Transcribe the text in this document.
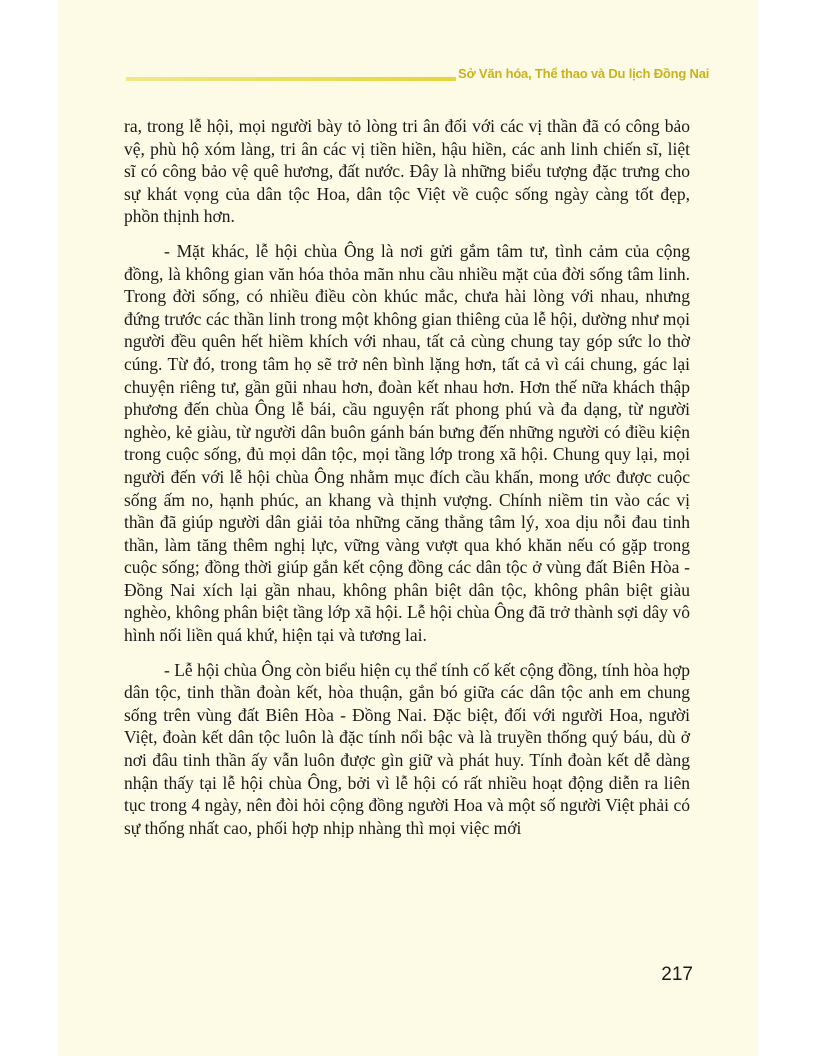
Sở Văn hóa, Thể thao và Du lịch Đồng Nai

ra, trong lễ hội, mọi người bày tỏ lòng tri ân đối với các vị thần đã có công bảo vệ, phù hộ xóm làng, tri ân các vị tiền hiền, hậu hiền, các anh linh chiến sĩ, liệt sĩ có công bảo vệ quê hương, đất nước. Đây là những biểu tượng đặc trưng cho sự khát vọng của dân tộc Hoa, dân tộc Việt về cuộc sống ngày càng tốt đẹp, phồn thịnh hơn.

- Mặt khác, lễ hội chùa Ông là nơi gửi gắm tâm tư, tình cảm của cộng đồng, là không gian văn hóa thỏa mãn nhu cầu nhiều mặt của đời sống tâm linh. Trong đời sống, có nhiều điều còn khúc mắc, chưa hài lòng với nhau, nhưng đứng trước các thần linh trong một không gian thiêng của lễ hội, dường như mọi người đều quên hết hiềm khích với nhau, tất cả cùng chung tay góp sức lo thờ cúng. Từ đó, trong tâm họ sẽ trở nên bình lặng hơn, tất cả vì cái chung, gác lại chuyện riêng tư, gần gũi nhau hơn, đoàn kết nhau hơn. Hơn thế nữa khách thập phương đến chùa Ông lễ bái, cầu nguyện rất phong phú và đa dạng, từ người nghèo, kẻ giàu, từ người dân buôn gánh bán bưng đến những người có điều kiện trong cuộc sống, đủ mọi dân tộc, mọi tầng lớp trong xã hội. Chung quy lại, mọi người đến với lễ hội chùa Ông nhằm mục đích cầu khấn, mong ước được cuộc sống ấm no, hạnh phúc, an khang và thịnh vượng. Chính niềm tin vào các vị thần đã giúp người dân giải tỏa những căng thẳng tâm lý, xoa dịu nỗi đau tinh thần, làm tăng thêm nghị lực, vững vàng vượt qua khó khăn nếu có gặp trong cuộc sống; đồng thời giúp gắn kết cộng đồng các dân tộc ở vùng đất Biên Hòa - Đồng Nai xích lại gần nhau, không phân biệt dân tộc, không phân biệt giàu nghèo, không phân biệt tầng lớp xã hội. Lễ hội chùa Ông đã trở thành sợi dây vô hình nối liền quá khứ, hiện tại và tương lai.

- Lễ hội chùa Ông còn biểu hiện cụ thể tính cố kết cộng đồng, tính hòa hợp dân tộc, tinh thần đoàn kết, hòa thuận, gắn bó giữa các dân tộc anh em chung sống trên vùng đất Biên Hòa - Đồng Nai. Đặc biệt, đối với người Hoa, người Việt, đoàn kết dân tộc luôn là đặc tính nổi bậc và là truyền thống quý báu, dù ở nơi đâu tinh thần ấy vẫn luôn được gìn giữ và phát huy. Tính đoàn kết dễ dàng nhận thấy tại lễ hội chùa Ông, bởi vì lễ hội có rất nhiều hoạt động diễn ra liên tục trong 4 ngày, nên đòi hỏi cộng đồng người Hoa và một số người Việt phải có sự thống nhất cao, phối hợp nhịp nhàng thì mọi việc mới

217
